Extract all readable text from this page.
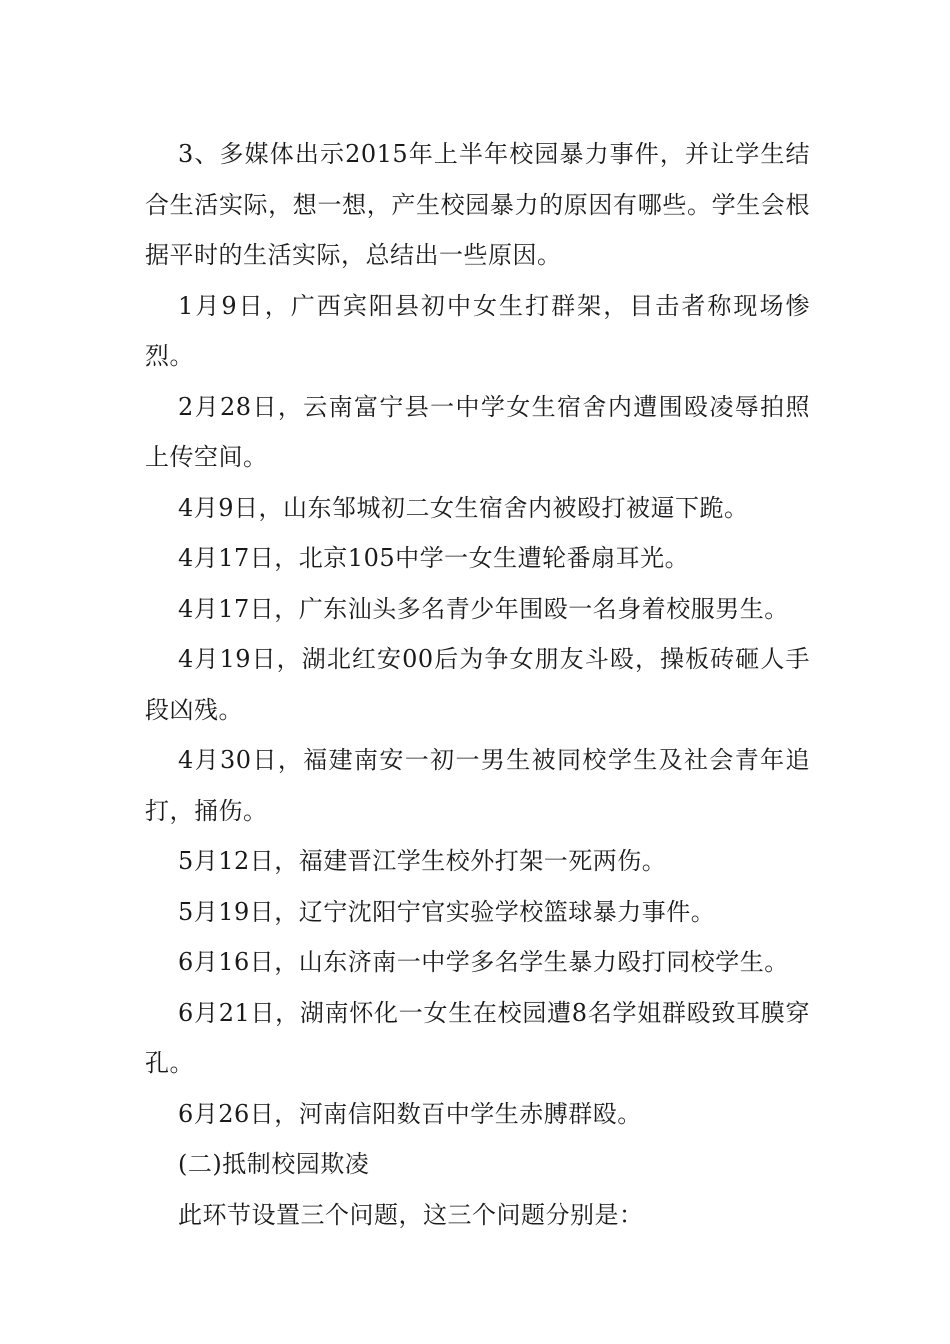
3、多媒体出示2015年上半年校园暴力事件，并让学生结合生活实际，想一想，产生校园暴力的原因有哪些。学生会根据平时的生活实际，总结出一些原因。

1月9日，广西宾阳县初中女生打群架，目击者称现场惨烈。

2月28日，云南富宁县一中学女生宿舍内遭围殴凌辱拍照上传空间。

4月9日，山东邹城初二女生宿舍内被殴打被逼下跪。

4月17日，北京105中学一女生遭轮番扇耳光。

4月17日，广东汕头多名青少年围殴一名身着校服男生。

4月19日，湖北红安00后为争女朋友斗殴，操板砖砸人手段凶残。

4月30日，福建南安一初一男生被同校学生及社会青年追打，捅伤。

5月12日，福建晋江学生校外打架一死两伤。

5月19日，辽宁沈阳宁官实验学校篮球暴力事件。

6月16日，山东济南一中学多名学生暴力殴打同校学生。

6月21日，湖南怀化一女生在校园遭8名学姐群殴致耳膜穿孔。

6月26日，河南信阳数百中学生赤膊群殴。

(二)抵制校园欺凌

此环节设置三个问题，这三个问题分别是：
